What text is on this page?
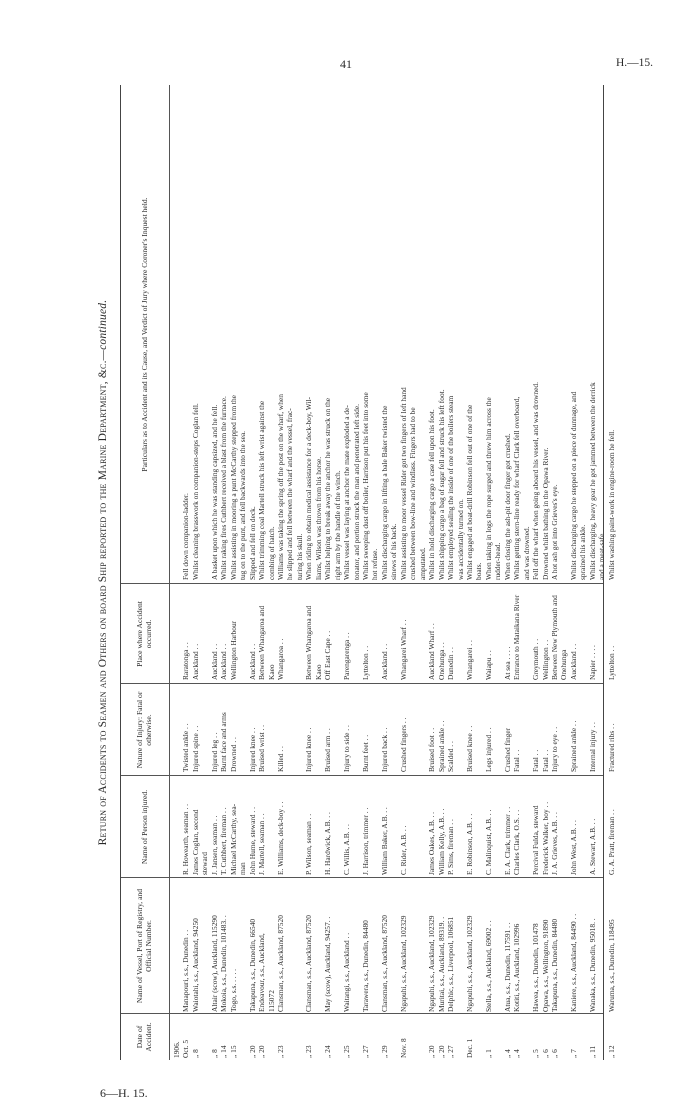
41	H.—15.
6—H. 15.
Return of Accidents to Seamen and Others on board Ship reported to the Marine Department, &c.—continued.
Date of Accident.
Name of Vessel, Port of Registry, and Official Number.
Name of Person injured.
Nature of Injury: Fatal or otherwise.
Place where Accident occurred.
Particulars as to Accident and its Cause, and Verdict of Jury where Coroner's Inquest held.
1906. Oct. 5
Manapouri, s.s., Dunedin . .
R. Howearth, seaman . .
Twisted ankle . .
Raratonga . .
Fell down companion-ladder.
„ 8
Waiotahi, s.s., Auckland, 94250
James Coglan, second
Injured spine . .
Auckland . .
Whilst cleaning brasswork on companion-steps Coglan fell.
steward
„ 8
Altair (scow), Auckland, 115290
J. Jansen, seaman . .
Injured leg . .
Auckland . .
A basket upon which he was standing capsized, and he fell.
„ 14
Mokoia, s.s., Dunedin, 101483. .
T. Cuthbert, fireman . .
Burnt face and arms
Auckland . .
Whilst raking fires Cuthbert received a blast from the furnace.
„ 15
Togo, s.s. . . . .
Michael McCarthy, sea-
Drowned . .
Wellington Harbour
Whilst assisting in mooring a punt McCarthy stepped from the
man
tug on to the punt, and fell backwards into the sea.
„ 20
Takapuna, s.s., Dunedin, 66540
John Hume, steward . .
Injured knee . .
Auckland . .
Slipped and fell on deck.
„ 20
Endeavour, s.s., Auckland,
J. Martell, seaman . .
Bruised wrist . .
Between Whangaroa and
Whilst trimming coal Martell struck his left wrist against the
115072
Kaeo
combing of hatch.
„ 23
Clansman, s.s., Auckland, 87520
E. Williams, deck-boy . .
Killed . .
Whangaroa . .
Williams was taking the spring off the post on the wharf, when he slipped and fell between the wharf and the vessel, frac- turing his skull.
„ 23
Clansman, s.s., Auckland, 87520
P. Wilson, seaman . .
Injured knee . .
Between Whangaroa and
When riding to obtain medical assistance for a deck-boy, Wil-
Kaeo
liams, Wilson was thrown from his horse.
„ 24
May (scow), Auckland, 94257. .
H. Hardwick, A.B. . .
Bruised arm . .
Off East Cape . .
Whilst helping to break away the anchor he was struck on the right arm by the handle of the winch.
„ 25
Waitangi, s.s., Auckland . .
C. Willis, A.B. . .
Injury to side . .
Parengarenga . .
Whilst vessel was laying at anchor the mate exploded a de- tonator, and portion struck the man and penetrated left side.
„ 27
Tarawera, s.s., Dunedin, 84480
J. Harrison, trimmer . .
Burnt feet . .
Lyttelton . .
Whilst sweeping dust off boiler, Harrison put his feet into some hot refuse.
„ 29
Clansman, s.s., Auckland, 87520
William Baker, A.B. . .
Injured back . .
Auckland . .
Whilst discharging cargo in lifting a bale Baker twisted the sinews of his back.
Nov. 8
Ngapuhi, s.s., Auckland, 102329
C. Rider, A.B. . .
Crushed fingers . .
Whangarei Wharf . .
Whilst assisting to moor vessel Rider got two fingers of left hand crushed between bow-line and windlass. Fingers had to be amputated.
„ 20
Ngapuhi, s.s., Auckland, 102329
James Oakes, A.B. . .
Bruised foot . .
Auckland Wharf . .
Whilst in hold discharging cargo a case fell upon his foot.
„ 20
Muritai, s.s., Auckland, 89319. .
William Kelly, A.B. . .
Sprained ankle . .
Onehunga . .
Whilst shipping cargo a bag of sugar fell and struck his left foot.
„ 27
Delphic, s.s., Liverpool, 106851
P. Sims, fireman . .
Scalded . .
Dunedin . .
Whilst employed sealing the inside of one of the boilers steam was accidentally turned on.
Dec. 1
Ngapuhi, s.s., Auckland, 102329
E. Robinson, A.B. . .
Bruised knee . .
Whangarei . .
Whilst engaged at boat-drill Robinson fell out of one of the boats.
„ 1
Stella, s.s., Auckland, 69002 . .
C. Malinquist, A.B. . .
Legs injured . .
Waiapu . .
When taking in logs the rope surged and threw him across the rudder-head.
„ 4
Atua, s.s., Dunedin, 117591 . .
E. A. Clark, trimmer . .
Crushed finger
At sea . . . .
When closing the ash-pit door finger got crushed.
„ 4
Kotiti, s.s., Auckland, 102996
Charles Clark, O.S. . .
Fatal . .
Entrance to Mataikana River
Whilst getting stern-line ready for wharf Clark fell overboard, and was drowned.
„ 5
Hawea, s.s., Dunedin, 101478
Percival Fulda, steward
Fatal . .
Greymouth . .
Fell off the wharf when going aboard his vessel, and was drowned.
„ 6
Opawa, s.s., Wellington, 91890
Frederick Walker, boy . .
Fatal . .
Wellington . .
Drowned whilst bathing in the Opawa River.
„ 6
Takapuna, s.s., Dunedin, 84480
J. A. Grieves, A.B. . .
Injury to eye . .
Between New Plymouth and
A hot ash got into Grieves's eye.
Onehunga
„ 7
Kaniere, s.s., Auckland, 84490 . .
John West, A.B. . .
Sprained ankle . .
Auckland . .
Whilst discharging cargo he stepped on a piece of dunnage, and sprained his ankle.
„ 11
Wanaka, s.s., Dunedin, 95018. .
A. Stewart, A.B. . .
Internal injury . .
Napier . . . .
Whilst discharging, heavy gear he got jammed between the derrick and a meat-safe.
„ 12
Waruma, s.s., Dunedin, 118495
G. A. Pratt, fireman . .
Fractured ribs . .
Lyttelton . .
Whilst washing paint-work in engine-room he fell.
